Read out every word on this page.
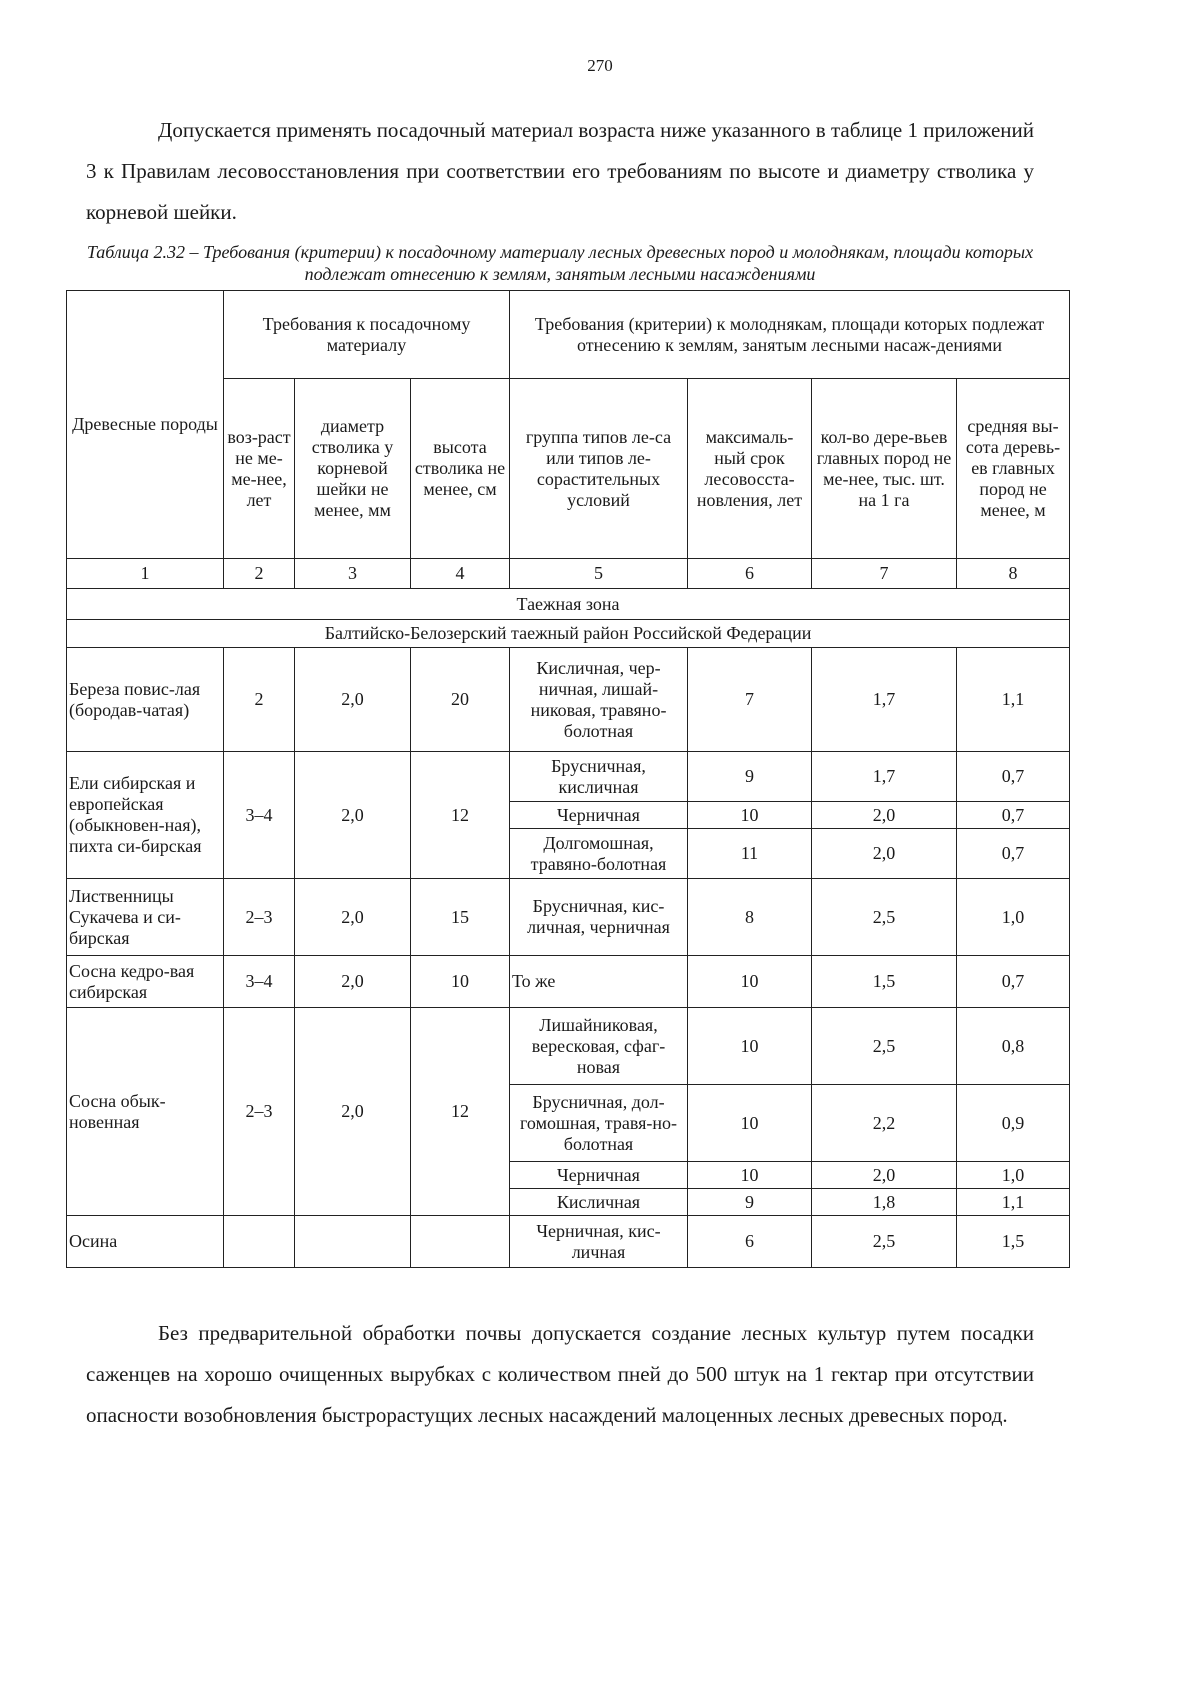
270

Допускается применять посадочный материал возраста ниже указанного в таблице 1 приложений 3 к Правилам лесовосстановления при соответствии его требованиям по высоте и диаметру стволика у корневой шейки.

Таблица 2.32 – Требования (критерии) к посадочному материалу лесных древесных пород и молоднякам, площади которых подлежат отнесению к землям, занятым лесными насаждениями

Древесные породы	Требования к посадочному материалу			Требования (критерии) к молоднякам, площади которых подлежат отнесению к землям, занятым лесными насаж-дениями			
	воз-раст не ме-ме-нее, лет	диаметр стволика у корневой шейки не менее, мм	высота стволика не менее, см	группа типов ле-са или типов ле-сорастительных условий	максималь-ный срок лесовосста-новления, лет	кол-во дере-вьев главных пород не ме-нее, тыс. шт. на 1 га	средняя вы-сота деревь-ев главных пород не менее, м
1	2	3	4	5	6	7	8
Таежная зона							
Балтийско-Белозерский таежный район Российской Федерации							
Береза повис-лая (бородав-чатая)	2	2,0	20	Кисличная, чер-ничная, лишай-никовая, травяно-болотная	7	1,7	1,1
Ели сибирская и европейская (обыкновен-ная), пихта си-бирская	3–4	2,0	12	Брусничная, кисличная	9	1,7	0,7
				Черничная	10	2,0	0,7
				Долгомошная, травяно-болотная	11	2,0	0,7
Лиственницы Сукачева и си-бирская	2–3	2,0	15	Брусничная, кис-личная, черничная	8	2,5	1,0
Сосна кедро-вая сибирская	3–4	2,0	10	То же	10	1,5	0,7
Сосна обык-новенная	2–3	2,0	12	Лишайниковая, вересковая, сфаг-новая	10	2,5	0,8
				Брусничная, дол-гомошная, травя-но-болотная	10	2,2	0,9
				Черничная	10	2,0	1,0
				Кисличная	9	1,8	1,1
Осина				Черничная, кис-личная	6	2,5	1,5

Без предварительной обработки почвы допускается создание лесных культур путем посадки саженцев на хорошо очищенных вырубках с количеством пней до 500 штук на 1 гектар при отсутствии опасности возобновления быстрорастущих лесных насаждений малоценных лесных древесных пород.
